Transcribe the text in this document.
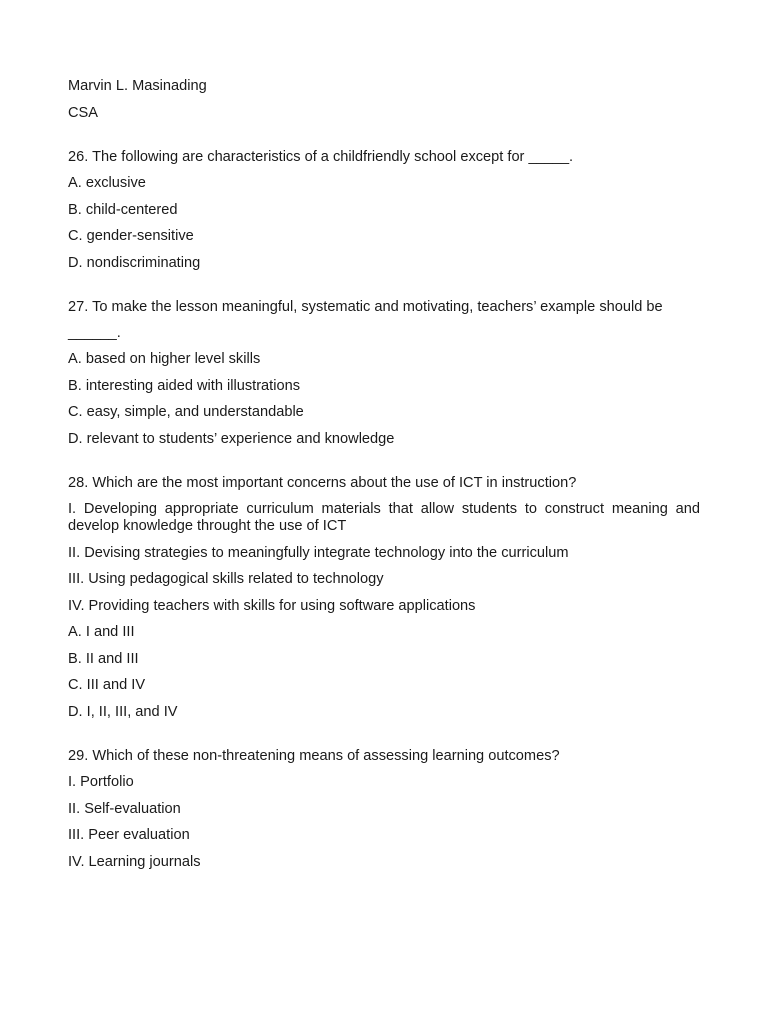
Marvin L. Masinading
CSA
26. The following are characteristics of a childfriendly school except for _____.
A. exclusive
B. child-centered
C. gender-sensitive
D. nondiscriminating
27. To make the lesson meaningful, systematic and motivating, teachers’ example should be
______.
A. based on higher level skills
B. interesting aided with illustrations
C. easy, simple, and understandable
D. relevant to students’ experience and knowledge
28. Which are the most important concerns about the use of ICT in instruction?
I. Developing appropriate curriculum materials that allow students to construct meaning and develop knowledge throught the use of ICT
II. Devising strategies to meaningfully integrate technology into the curriculum
III. Using pedagogical skills related to technology
IV. Providing teachers with skills for using software applications
A. I and III
B. II and III
C. III and IV
D. I, II, III, and IV
29. Which of these non-threatening means of assessing learning outcomes?
I. Portfolio
II. Self-evaluation
III. Peer evaluation
IV. Learning journals
